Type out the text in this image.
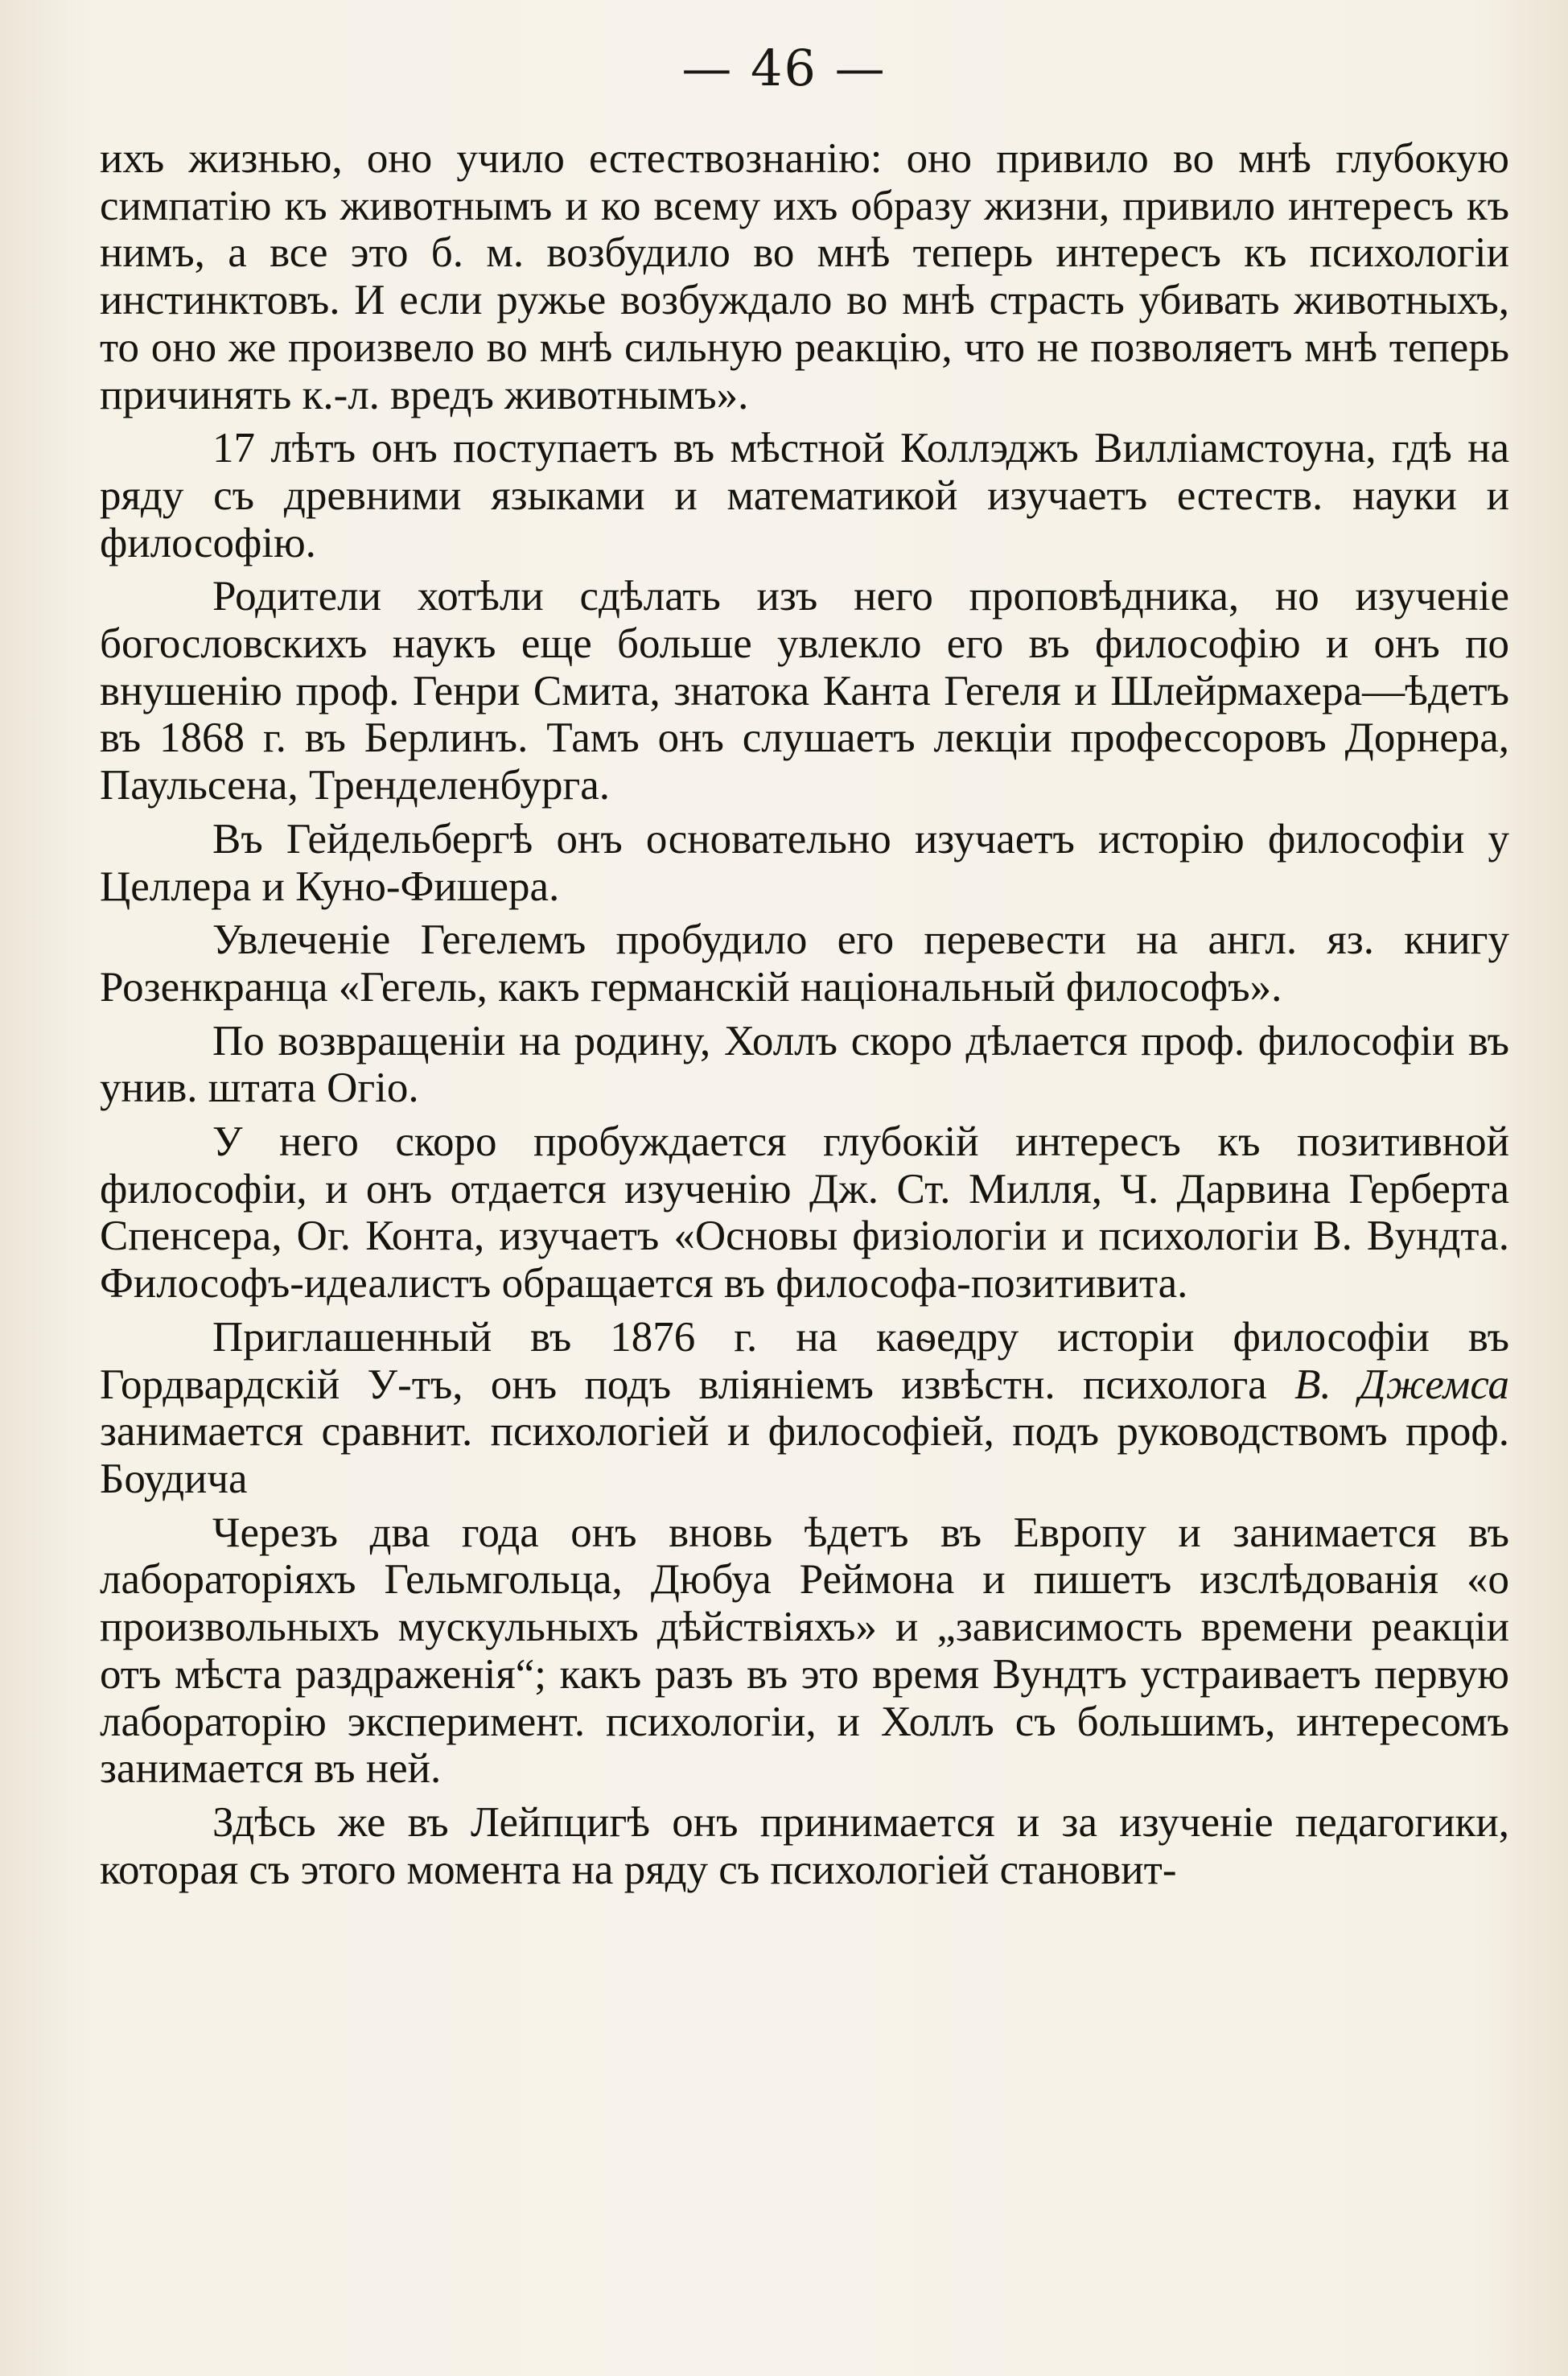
— 46 —

ихъ жизнью, оно учило естествознанію: оно привило во мнѣ глубокую симпатію къ животнымъ и ко всему ихъ образу жизни, привило интересъ къ нимъ, а все это б. м. возбудило во мнѣ теперь интересъ къ психологіи инстинктовъ. И если ружье возбуждало во мнѣ страсть убивать животныхъ, то оно же произвело во мнѣ сильную реакцію, что не позволяетъ мнѣ теперь причинять к.-л. вредъ животнымъ».

17 лѣтъ онъ поступаетъ въ мѣстной Коллэджъ Вилліамстоуна, гдѣ на ряду съ древними языками и математикой изучаетъ естеств. науки и философію.

Родители хотѣли сдѣлать изъ него проповѣдника, но изученіе богословскихъ наукъ еще больше увлекло его въ философію и онъ по внушенію проф. Генри Смита, знатока Канта Гегеля и Шлейрмахера—ѣдетъ въ 1868 г. въ Берлинъ. Тамъ онъ слушаетъ лекціи профессоровъ Дорнера, Паульсена, Тренделенбурга.

Въ Гейдельбергѣ онъ основательно изучаетъ исторію философіи у Целлера и Куно-Фишера.

Увлеченіе Гегелемъ пробудило его перевести на англ. яз. книгу Розенкранца «Гегель, какъ германскій національный философъ».

По возвращеніи на родину, Холлъ скоро дѣлается проф. философіи въ унив. штата Огіо.

У него скоро пробуждается глубокій интересъ къ позитивной философіи, и онъ отдается изученію Дж. Ст. Милля, Ч. Дарвина Герберта Спенсера, Ог. Конта, изучаетъ «Основы физіологіи и психологіи В. Вундта. Философъ-идеалистъ обращается въ философа-позитивита.

Приглашенный въ 1876 г. на каѳедру исторіи философіи въ Гордвардскій У-тъ, онъ подъ вліяніемъ извѣстн. психолога В. Джемса занимается сравнит. психологіей и философіей, подъ руководствомъ проф. Боудича

Черезъ два года онъ вновь ѣдетъ въ Европу и занимается въ лабораторіяхъ Гельмгольца, Дюбуа Реймона и пишетъ изслѣдованія «о произвольныхъ мускульныхъ дѣйствіяхъ» и „зависимость времени реакціи отъ мѣста раздраженія“; какъ разъ въ это время Вундтъ устраиваетъ первую лабораторію эксперимент. психологіи, и Холлъ съ большимъ, интересомъ занимается въ ней.

Здѣсь же въ Лейпцигѣ онъ принимается и за изученіе педагогики, которая съ этого момента на ряду съ психологіей становит-
